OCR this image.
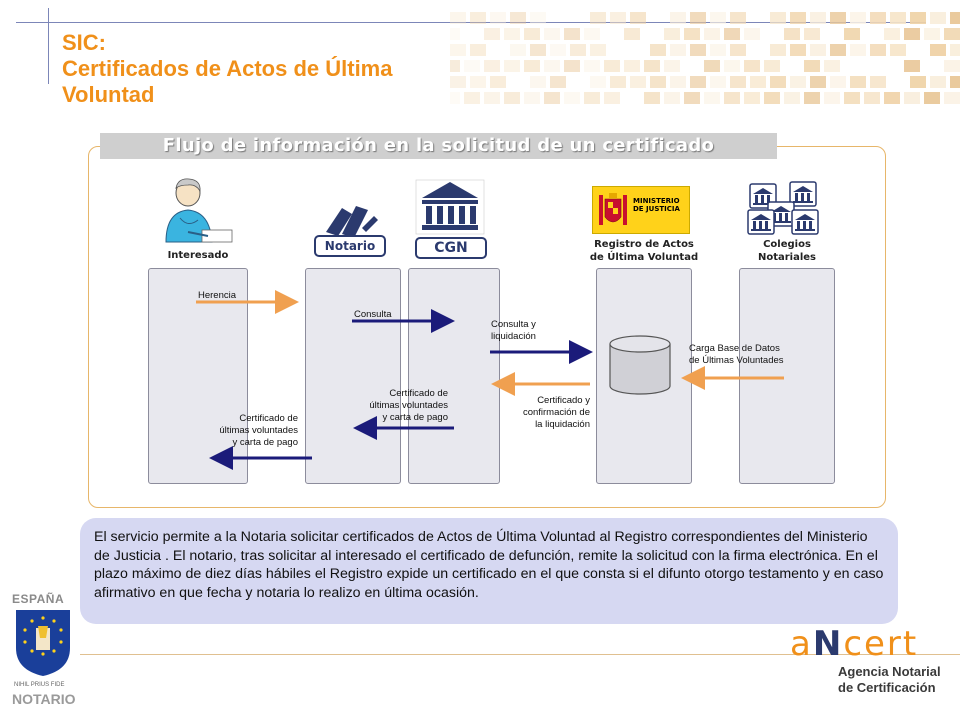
SIC:
Certificados de Actos de Última
Voluntad
Flujo de información en la solicitud de un certificado
Interesado
Notario	CGN
MINISTERIO
DE JUSTICIA
Registro de Actos
de Última Voluntad
Colegios
Notariales
Herencia
Consulta
Consulta y
liquidación
Carga Base de Datos
de Últimas Voluntades
Certificado y
confirmación de
la liquidación
Certificado de
últimas voluntades
y carta de pago
Certificado de
últimas voluntades
y carta de pago
El servicio permite a la Notaria solicitar certificados de Actos de Última Voluntad al Registro correspondientes del Ministerio de Justicia . El notario, tras solicitar al interesado el certificado de defunción, remite la solicitud con la firma electrónica. En el plazo máximo de diez días hábiles el Registro expide un certificado en el que consta si el difunto otorgo testamento y en caso afirmativo en que fecha y notaria lo realizo en última ocasión.
ESPAÑA
NIHIL PRIUS FIDE
NOTARIO
aNcert
Agencia Notarial
de Certificación
